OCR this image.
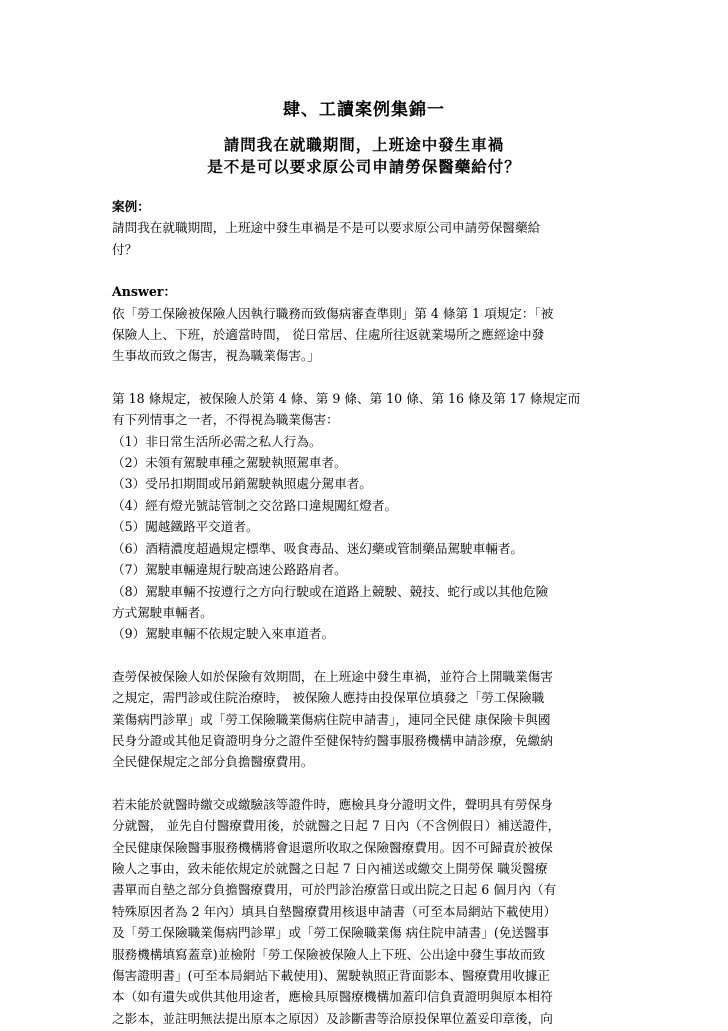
肆、工讀案例集錦一
請問我在就職期間，上班途中發生車禍
是不是可以要求原公司申請勞保醫藥給付？

案例：

請問我在就職期間，上班途中發生車禍是不是可以要求原公司申請勞保醫藥給
付？

Answer：

依「勞工保險被保險人因執行職務而致傷病審查準則」第 4 條第 1 項規定：「被
保險人上、下班，於適當時間， 從日常居、住處所往返就業場所之應經途中發
生事故而致之傷害，視為職業傷害。」
第 18 條規定，被保險人於第 4 條、第 9 條、第 10 條、第 16 條及第 17 條規定而
有下列情事之一者，不得視為職業傷害：
（1）非日常生活所必需之私人行為。
（2）未領有駕駛車種之駕駛執照駕車者。
（3）受吊扣期間或吊銷駕駛執照處分駕車者。
（4）經有燈光號誌管制之交岔路口違規闖紅燈者。
（5）闖越鐵路平交道者。
（6）酒精濃度超過規定標準、吸食毒品、迷幻藥或管制藥品駕駛車輛者。
（7）駕駛車輛違規行駛高速公路路肩者。
（8）駕駛車輛不按遵行之方向行駛或在道路上競駛、競技、蛇行或以其他危險
方式駕駛車輛者。
（9）駕駛車輛不依規定駛入來車道者。
查勞保被保險人如於保險有效期間，在上班途中發生車禍，並符合上開職業傷害
之規定，需門診或住院治療時， 被保險人應持由投保單位填發之「勞工保險職
業傷病門診單」或「勞工保險職業傷病住院申請書」，連同全民健 康保險卡與國
民身分證或其他足資證明身分之證件至健保特約醫事服務機構申請診療，免繳納
全民健保規定之部分負擔醫療費用。
若未能於就醫時繳交或繳驗該等證件時，應檢具身分證明文件，聲明具有勞保身
分就醫， 並先自付醫療費用後，於就醫之日起 7 日內（不含例假日）補送證件，
全民健康保險醫事服務機構將會退還所收取之保險醫療費用。因不可歸責於被保
險人之事由，致未能依規定於就醫之日起 7 日內補送或繳交上開勞保 職災醫療
書單而自墊之部分負擔醫療費用，可於門診治療當日或出院之日起 6 個月內（有
特殊原因者為 2 年內）填具自墊醫療費用核退申請書（可至本局網站下載使用）
及「勞工保險職業傷病門診單」或「勞工保險職業傷 病住院申請書」(免送醫事
服務機構填寫蓋章)並檢附「勞工保險被保險人上下班、公出途中發生事故而致
傷害證明書」(可至本局網站下載使用)、駕駛執照正背面影本、醫療費用收據正
本（如有遺失或供其他用途者，應檢具原醫療機構加蓋印信負責證明與原本相符
之影本，並註明無法提出原本之原因）及診斷書等洽原投保單位蓋妥印章後，向
